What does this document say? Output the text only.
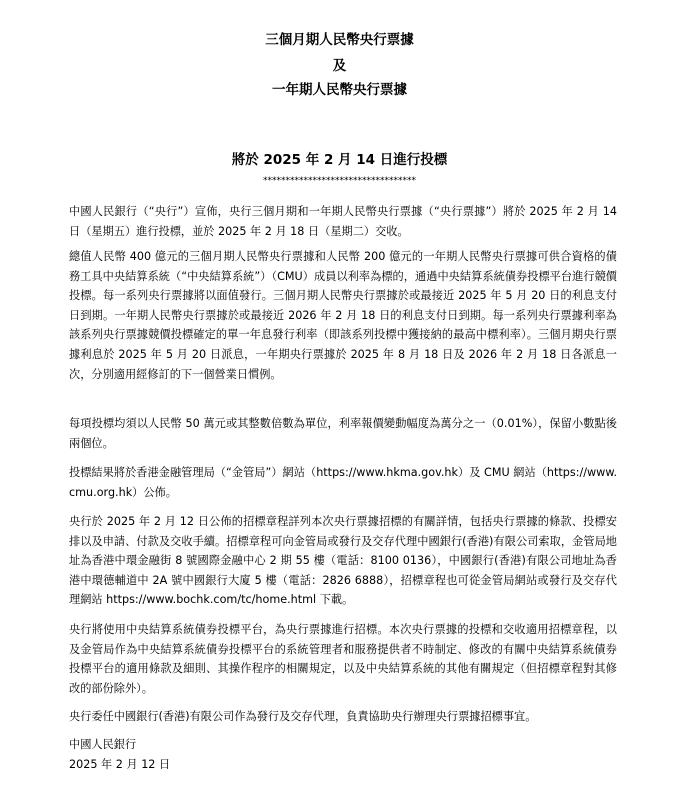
三個月期人民幣央行票據
及
一年期人民幣央行票據
將於 2025 年 2 月 14 日進行投標
**********************************

中國人民銀行（“央行”）宣佈，央行三個月期和一年期人民幣央行票據（“央行票據”）將於 2025 年 2 月 14 日（星期五）進行投標，並於 2025 年 2 月 18 日（星期二）交收。

總值人民幣 400 億元的三個月期人民幣央行票據和人民幣 200 億元的一年期人民幣央行票據可供合資格的債務工具中央結算系統（“中央結算系統”）（CMU）成員以利率為標的，通過中央結算系統債券投標平台進行競價投標。每一系列央行票據將以面值發行。三個月期人民幣央行票據於或最接近 2025 年 5 月 20 日的利息支付日到期。一年期人民幣央行票據於或最接近 2026 年 2 月 18 日的利息支付日到期。每一系列央行票據利率為該系列央行票據競價投標確定的單一年息發行利率（即該系列投標中獲接納的最高中標利率）。三個月期央行票據利息於 2025 年 5 月 20 日派息，一年期央行票據於 2025 年 8 月 18 日及 2026 年 2 月 18 日各派息一次，分別適用經修訂的下一個營業日慣例。

每項投標均須以人民幣 50 萬元或其整數倍數為單位，利率報價變動幅度為萬分之一（0.01%），保留小數點後兩個位。

投標結果將於香港金融管理局（“金管局”）網站（https://www.hkma.gov.hk）及 CMU 網站（https://www.cmu.org.hk）公佈。

央行於 2025 年 2 月 12 日公佈的招標章程詳列本次央行票據招標的有關詳情，包括央行票據的條款、投標安排以及申請、付款及交收手續。招標章程可向金管局或發行及交存代理中國銀行(香港)有限公司索取，金管局地址為香港中環金融街 8 號國際金融中心 2 期 55 樓（電話：8100 0136），中國銀行(香港)有限公司地址為香港中環德輔道中 2A 號中國銀行大廈 5 樓（電話：2826 6888），招標章程也可從金管局網站或發行及交存代理網站 https://www.bochk.com/tc/home.html 下載。

央行將使用中央結算系統債券投標平台，為央行票據進行招標。本次央行票據的投標和交收適用招標章程，以及金管局作為中央結算系統債券投標平台的系統管理者和服務提供者不時制定、修改的有關中央結算系統債券投標平台的適用條款及細則、其操作程序的相關規定，以及中央結算系統的其他有關規定（但招標章程對其修改的部份除外）。

央行委任中國銀行(香港)有限公司作為發行及交存代理，負責協助央行辦理央行票據招標事宜。

中國人民銀行
2025 年 2 月 12 日
